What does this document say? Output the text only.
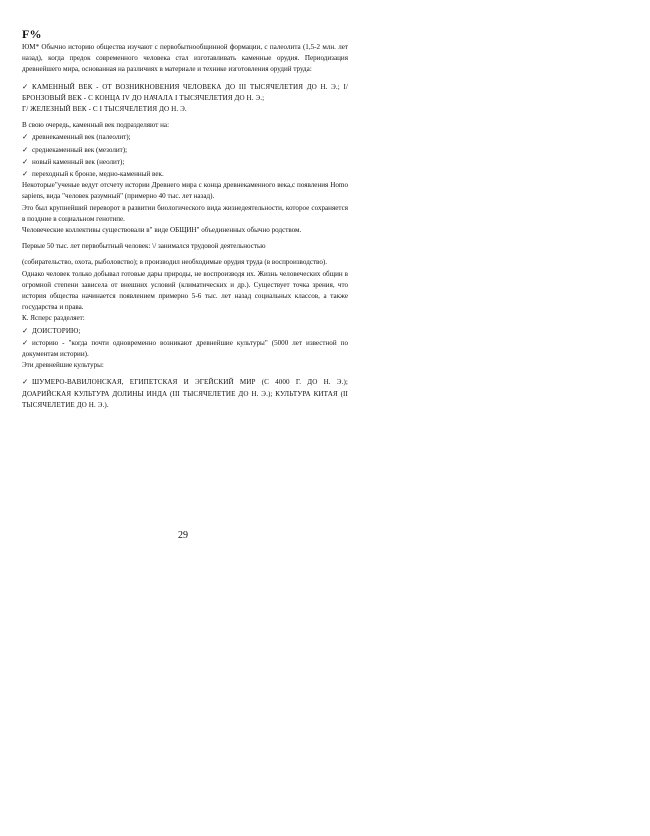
F%

ЮМ* Обычно историю общества изучают с первобытнообщинной формации, с палеолита (1,5-2 млн. лет назад), когда предок современного человека стал изготавливать каменные орудия. Периодизация древнейшего мира, основанная на различиях в материале и технике изготовления орудий труда:

✓ КАМЕННЫЙ ВЕК - ОТ ВОЗНИКНОВЕНИЯ ЧЕЛОВЕКА ДО III ТЫСЯЧЕЛЕТИЯ ДО Н. Э.; I/ БРОНЗОВЫЙ ВЕК - С КОНЦА IV ДО НАЧАЛА I ТЫСЯЧЕЛЕТИЯ ДО Н. Э.;

Г/ ЖЕЛЕЗНЫЙ ВЕК - С I ТЫСЯЧЕЛЕТИЯ ДО Н. Э.

В свою очередь, каменный век подразделяют на:

✓ древнекаменный век (палеолит);

✓ среднекаменный век (мезолит);

✓ новый каменный век (неолит);

✓ переходный к бронзе, медно-каменный век.

Некоторые"ученые ведут отсчету истории Древнего мира с конца древнекаменного века,с появления Homo sapiens, вида "человек разумный" (примерно 40 тыс. лет назад).

Это был крупнейший переворот в развитии биологического вида жизнедеятельности, которое сохраняется в поздние в социальном генотипе.

Человеческие коллективы существовали в" виде ОБЩИН" объединенных обычно родством.

Первые 50 тыс. лет первобытный человек: \/ занимался трудовой деятельностью

(собирательство, охота, рыболовство); в производил необходимые орудия труда (в воспроизводство).

Однако человек только добывал готовые дары природы, не воспроизводя их. Жизнь человеческих общин в огромной степени зависела от внешних условий (климатических и др.). Существует точка зрения, что история общества начинается появлением примерно 5-6 тыс. лет назад социальных классов, а также государства и права.

К. Ясперс разделяет:

✓ ДОИСТОРИЮ;

✓ историю - "когда почти одновременно возникают древнейшие культуры" (5000 лет известной по документам истории).

Эти древнейшие культуры:

✓ ШУМЕРО-ВАВИЛОНСКАЯ, ЕГИПЕТСКАЯ И ЭГЕЙСКИЙ МИР (С 4000 Г. ДО Н. Э.); ДОАРИЙСКАЯ КУЛЬТУРА ДОЛИНЫ ИНДА (III ТЫСЯЧЕЛЕТИЕ ДО Н. Э.); КУЛЬТУРА КИТАЯ (II ТЫСЯЧЕЛЕТИЕ ДО Н. Э.).

29
